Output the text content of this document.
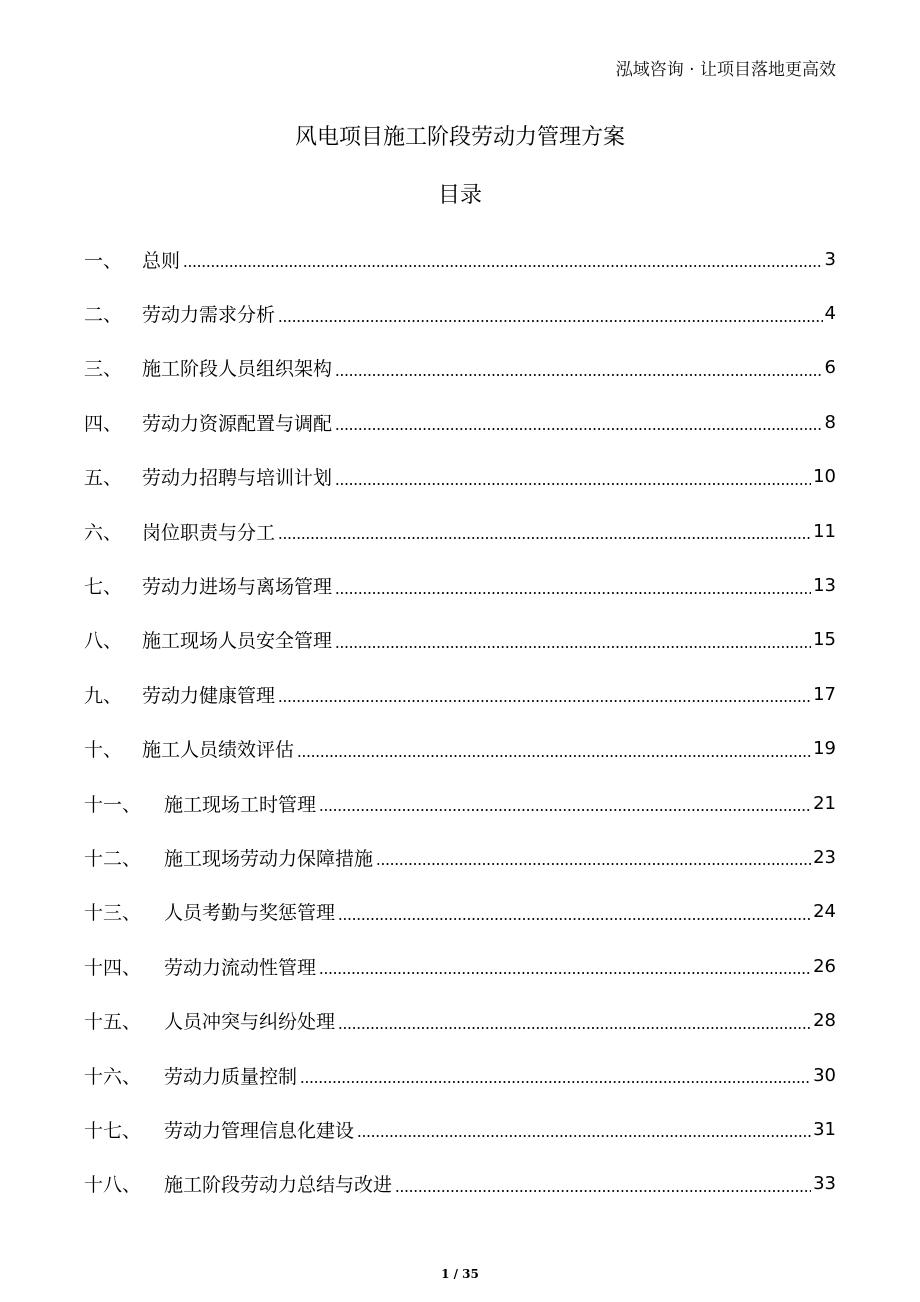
泓域咨询 · 让项目落地更高效
风电项目施工阶段劳动力管理方案
目录
一、	总则	3
二、	劳动力需求分析	4
三、	施工阶段人员组织架构	6
四、	劳动力资源配置与调配	8
五、	劳动力招聘与培训计划	10
六、	岗位职责与分工	11
七、	劳动力进场与离场管理	13
八、	施工现场人员安全管理	15
九、	劳动力健康管理	17
十、	施工人员绩效评估	19
十一、	施工现场工时管理	21
十二、	施工现场劳动力保障措施	23
十三、	人员考勤与奖惩管理	24
十四、	劳动力流动性管理	26
十五、	人员冲突与纠纷处理	28
十六、	劳动力质量控制	30
十七、	劳动力管理信息化建设	31
十八、	施工阶段劳动力总结与改进	33
1 / 35
